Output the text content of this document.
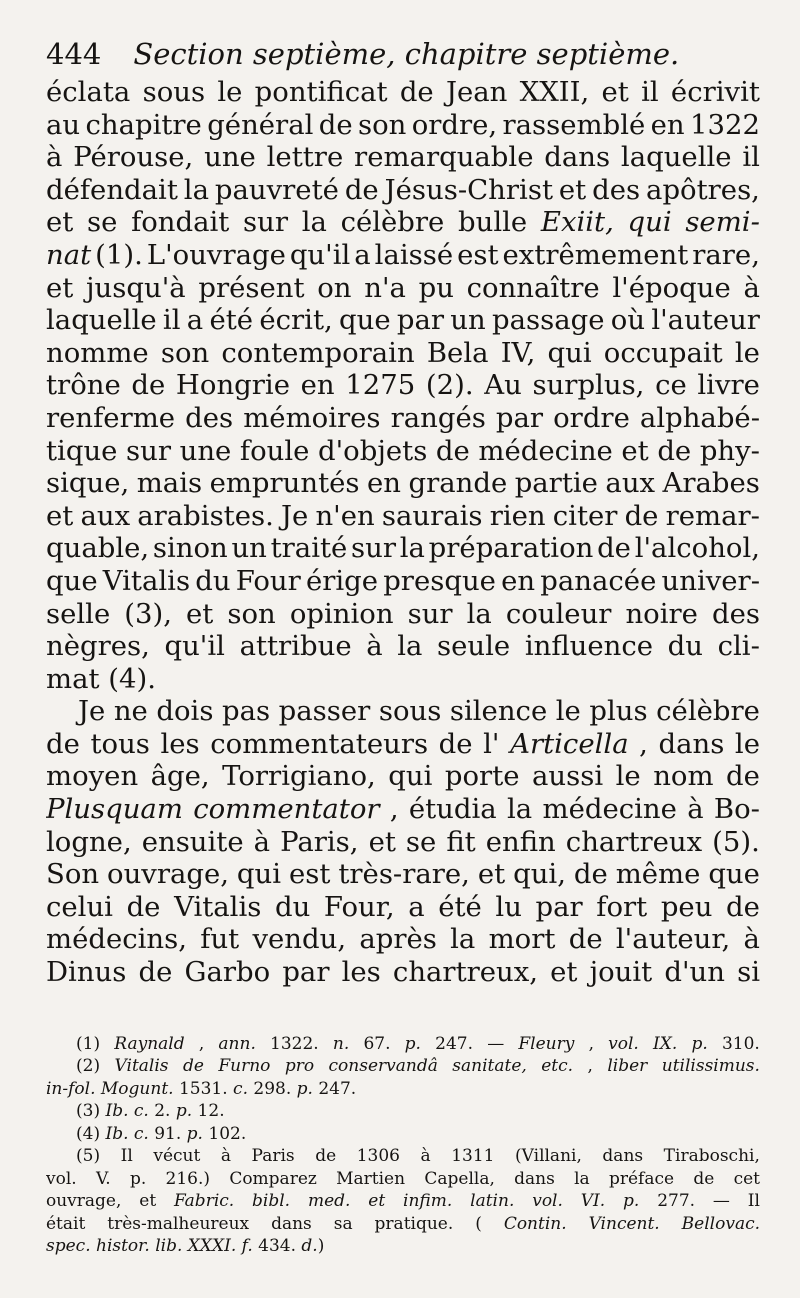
444 Section septième, chapitre septième.
éclata sous le pontificat de Jean XXII, et il écrivit
au chapitre général de son ordre, rassemblé en 1322
à Pérouse, une lettre remarquable dans laquelle il
défendait la pauvreté de Jésus-Christ et des apôtres,
et se fondait sur la célèbre bulle Exiit, qui semi-
nat (1). L'ouvrage qu'il a laissé est extrêmement rare,
et jusqu'à présent on n'a pu connaître l'époque à
laquelle il a été écrit, que par un passage où l'auteur
nomme son contemporain Bela IV, qui occupait le
trône de Hongrie en 1275 (2). Au surplus, ce livre
renferme des mémoires rangés par ordre alphabé-
tique sur une foule d'objets de médecine et de phy-
sique, mais empruntés en grande partie aux Arabes
et aux arabistes. Je n'en saurais rien citer de remar-
quable, sinon un traité sur la préparation de l'alcohol,
que Vitalis du Four érige presque en panacée univer-
selle (3), et son opinion sur la couleur noire des
nègres, qu'il attribue à la seule influence du cli-
mat (4).
Je ne dois pas passer sous silence le plus célèbre
de tous les commentateurs de l' Articella , dans le
moyen âge, Torrigiano, qui porte aussi le nom de
Plusquam commentator , étudia la médecine à Bo-
logne, ensuite à Paris, et se fit enfin chartreux (5).
Son ouvrage, qui est très-rare, et qui, de même que
celui de Vitalis du Four, a été lu par fort peu de
médecins, fut vendu, après la mort de l'auteur, à
Dinus de Garbo par les chartreux, et jouit d'un si
(1) Raynald , ann. 1322. n. 67. p. 247. — Fleury , vol. IX. p. 310.
(2) Vitalis de Furno pro conservandâ sanitate, etc. , liber utilissimus.
in-fol. Mogunt. 1531. c. 298. p. 247.
(3) Ib. c. 2. p. 12.
(4) Ib. c. 91. p. 102.
(5) Il vécut à Paris de 1306 à 1311 (Villani, dans Tiraboschi,
vol. V. p. 216.) Comparez Martien Capella, dans la préface de cet
ouvrage, et Fabric. bibl. med. et infim. latin. vol. VI. p. 277. — Il
était très-malheureux dans sa pratique. ( Contin. Vincent. Bellovac.
spec. histor. lib. XXXI. f. 434. d. )
